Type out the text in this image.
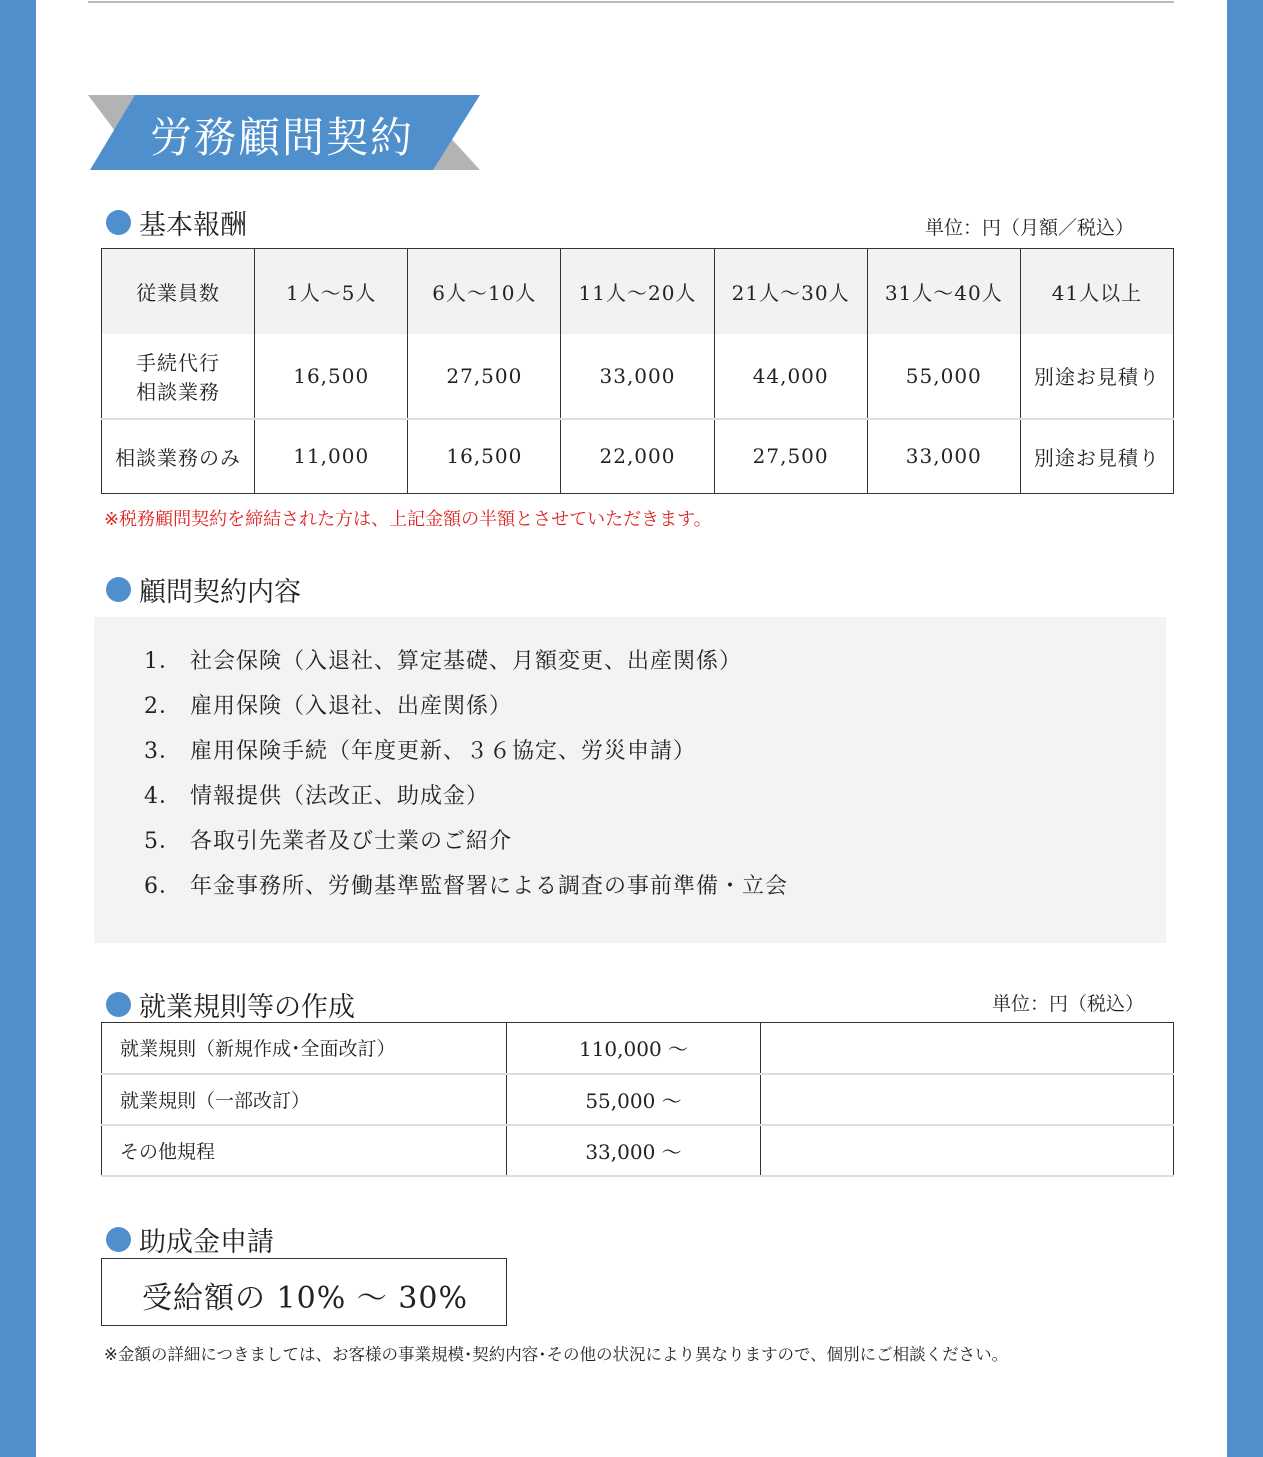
労務顧問契約
基本報酬	単位：円（月額／税込）
従業員数	1人～5人	6人～10人	11人～20人	21人～30人	31人～40人	41人以上

手続代行
相談業務	16,500	27,500	33,000	44,000	55,000	別途お見積り
相談業務のみ	11,000	16,500	22,000	27,500	33,000	別途お見積り
※税務顧問契約を締結された方は、上記金額の半額とさせていただきます。
顧問契約内容
1． 社会保険（入退社、算定基礎、月額変更、出産関係）
2． 雇用保険（入退社、出産関係）
3． 雇用保険手続（年度更新、３６協定、労災申請）
4． 情報提供（法改正、助成金）
5． 各取引先業者及び士業のご紹介
6． 年金事務所、労働基準監督署による調査の事前準備・立会
就業規則等の作成	単位：円（税込）
就業規則（新規作成･全面改訂）	110,000 ～	
就業規則（一部改訂）	55,000 ～	
その他規程	33,000 ～	
助成金申請
受給額の 10% ～ 30%
※金額の詳細につきましては、お客様の事業規模･契約内容･その他の状況により異なりますので、個別にご相談ください。
